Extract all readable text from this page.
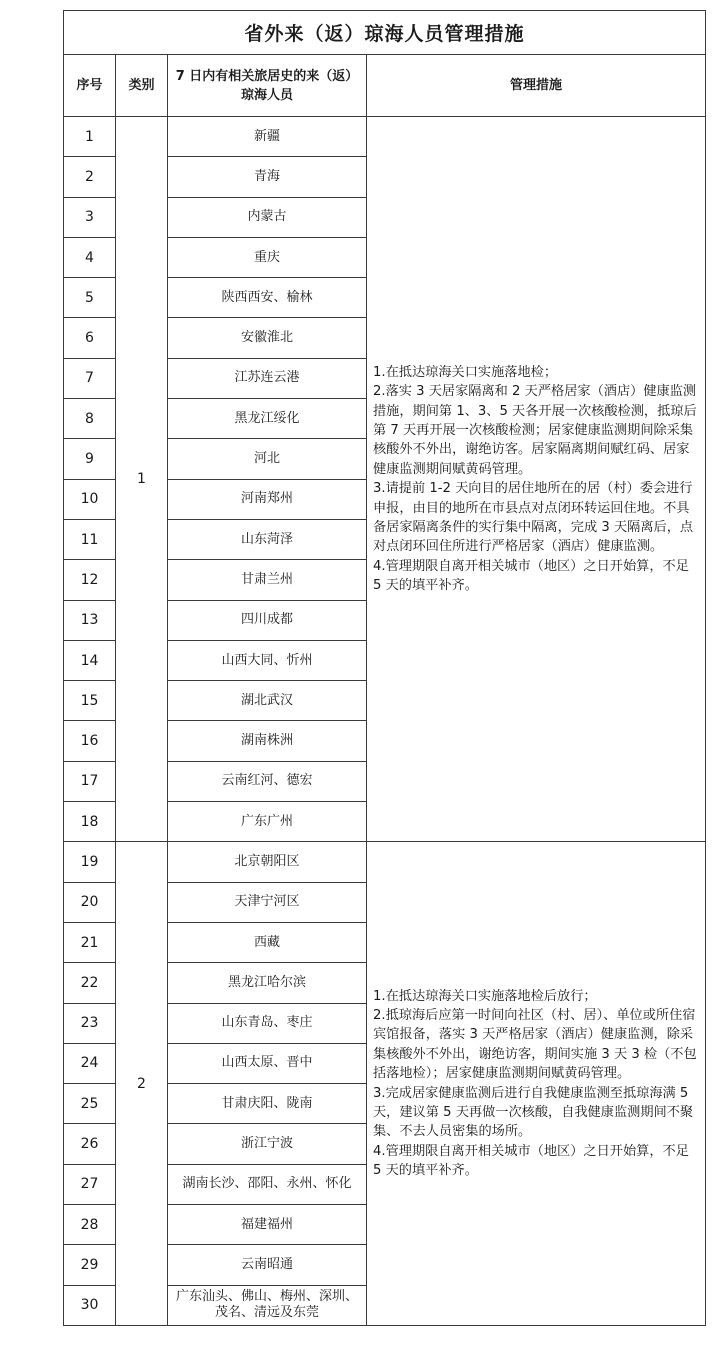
省外来（返）琼海人员管理措施			
序号	类别	7 日内有相关旅居史的来（返）琼海人员	管理措施
1	1	新疆	1.在抵达琼海关口实施落地检；
2.落实 3 天居家隔离和 2 天严格居家（酒店）健康监测措施，期间第 1、3、5 天各开展一次核酸检测，抵琼后第 7 天再开展一次核酸检测；居家健康监测期间除采集核酸外不外出，谢绝访客。居家隔离期间赋红码、居家健康监测期间赋黄码管理。
3.请提前 1-2 天向目的居住地所在的居（村）委会进行申报，由目的地所在市县点对点闭环转运回住地。不具备居家隔离条件的实行集中隔离，完成 3 天隔离后，点对点闭环回住所进行严格居家（酒店）健康监测。
4.管理期限自离开相关城市（地区）之日开始算，不足 5 天的填平补齐。

2		青海	
3		内蒙古	
4		重庆	
5		陕西西安、榆林	
6		安徽淮北	
7		江苏连云港	
8		黑龙江绥化	
9		河北	
10		河南郑州	
11		山东菏泽	
12		甘肃兰州	
13		四川成都	
14		山西大同、忻州	
15		湖北武汉	
16		湖南株洲	
17		云南红河、德宏	
18		广东广州	
19	2	北京朝阳区	1.在抵达琼海关口实施落地检后放行；
2.抵琼海后应第一时间向社区（村、居）、单位或所住宿宾馆报备，落实 3 天严格居家（酒店）健康监测，除采集核酸外不外出，谢绝访客，期间实施 3 天 3 检（不包括落地检）；居家健康监测期间赋黄码管理。
3.完成居家健康监测后进行自我健康监测至抵琼海满 5 天，建议第 5 天再做一次核酸，自我健康监测期间不聚集、不去人员密集的场所。
4.管理期限自离开相关城市（地区）之日开始算，不足 5 天的填平补齐。

20		天津宁河区	
21		西藏	
22		黑龙江哈尔滨	
23		山东青岛、枣庄	
24		山西太原、晋中	
25		甘肃庆阳、陇南	
26		浙江宁波	
27		湖南长沙、邵阳、永州、怀化	
28		福建福州	
29		云南昭通	
30		广东汕头、佛山、梅州、深圳、茂名、清远及东莞	
